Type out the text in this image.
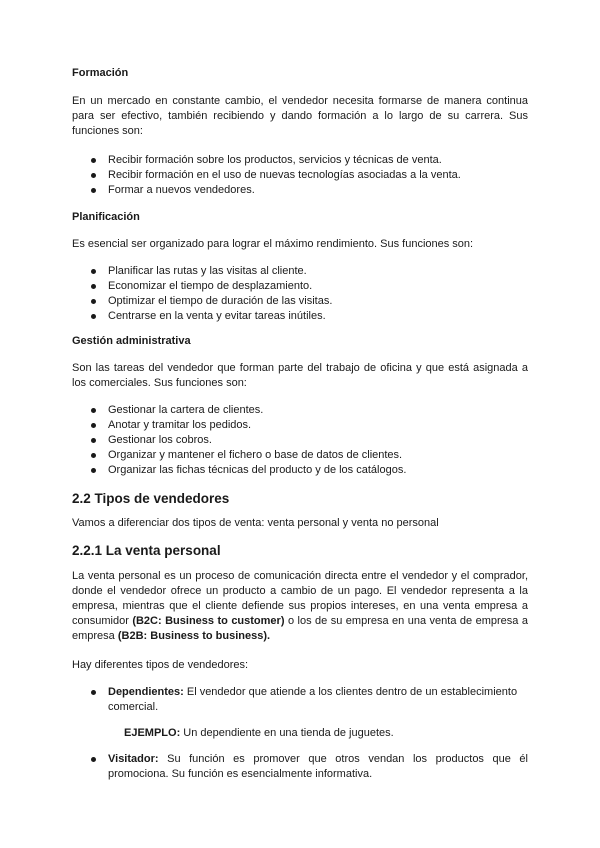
Formación

En un mercado en constante cambio, el vendedor necesita formarse de manera continua para ser efectivo, también recibiendo y dando formación a lo largo de su carrera. Sus funciones son:

Recibir formación sobre los productos, servicios y técnicas de venta.
Recibir formación en el uso de nuevas tecnologías asociadas a la venta.
Formar a nuevos vendedores.
Planificación

Es esencial ser organizado para lograr el máximo rendimiento. Sus funciones son:

Planificar las rutas y las visitas al cliente.
Economizar el tiempo de desplazamiento.
Optimizar el tiempo de duración de las visitas.
Centrarse en la venta y evitar tareas inútiles.
Gestión administrativa

Son las tareas del vendedor que forman parte del trabajo de oficina y que está asignada a los comerciales. Sus funciones son:

Gestionar la cartera de clientes.
Anotar y tramitar los pedidos.
Gestionar los cobros.
Organizar y mantener el fichero o base de datos de clientes.
Organizar las fichas técnicas del producto y de los catálogos.
2.2 Tipos de vendedores

Vamos a diferenciar dos tipos de venta: venta personal y venta no personal

2.2.1 La venta personal

La venta personal es un proceso de comunicación directa entre el vendedor y el comprador, donde el vendedor ofrece un producto a cambio de un pago. El vendedor representa a la empresa, mientras que el cliente defiende sus propios intereses, en una venta empresa a consumidor (B2C: Business to customer) o los de su empresa en una venta de empresa a empresa (B2B: Business to business).

Hay diferentes tipos de vendedores:

Dependientes: El vendedor que atiende a los clientes dentro de un establecimiento comercial.

EJEMPLO: Un dependiente en una tienda de juguetes.

Visitador: Su función es promover que otros vendan los productos que él promociona. Su función es esencialmente informativa.
